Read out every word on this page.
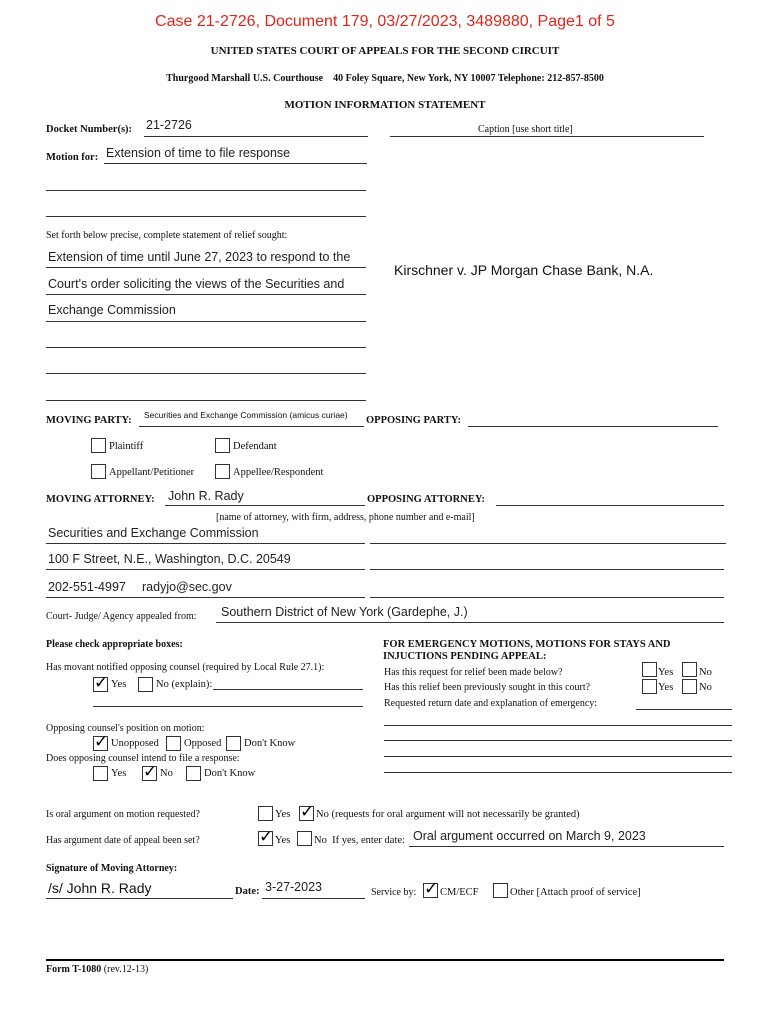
Case 21-2726, Document 179, 03/27/2023, 3489880, Page1 of 5
UNITED STATES COURT OF APPEALS FOR THE SECOND CIRCUIT
Thurgood Marshall U.S. Courthouse    40 Foley Square, New York, NY 10007 Telephone: 212-857-8500
MOTION INFORMATION STATEMENT
Docket Number(s): 21-2726	Caption [use short title]
Kirschner v. JP Morgan Chase Bank, N.A.
Motion for: Extension of time to file response
Set forth below precise, complete statement of relief sought:
Extension of time until June 27, 2023 to respond to the
Court's order soliciting the views of the Securities and
Exchange Commission
MOVING PARTY: Securities and Exchange Commission (amicus curiae) OPPOSING PARTY:
Plaintiff	Defendant
Appellant/Petitioner	Appellee/Respondent
MOVING ATTORNEY: John R. Rady	OPPOSING ATTORNEY:
[name of attorney, with firm, address, phone number and e-mail]
Securities and Exchange Commission
100 F Street, N.E., Washington, D.C. 20549
202-551-4997 radyjo@sec.gov
Court- Judge/ Agency appealed from: Southern District of New York (Gardephe, J.)
Please check appropriate boxes:
Has movant notified opposing counsel (required by Local Rule 27.1):
✓ Yes	No (explain):
Opposing counsel's position on motion:
✓ Unopposed Opposed Don't Know
Does opposing counsel intend to file a response:
Yes ✓ No	Don't Know
FOR EMERGENCY MOTIONS, MOTIONS FOR STAYS AND
INJUCTIONS PENDING APPEAL:
Has this request for relief been made below?	Yes No
Has this relief been previously sought in this court?	Yes No
Requested return date and explanation of emergency:
Is oral argument on motion requested?	Yes ✓ No (requests for oral argument will not necessarily be granted)
Has argument date of appeal been set?	✓ Yes No  If yes, enter date: Oral argument occurred on March 9, 2023
Signature of Moving Attorney:
/s/ John R. Rady	Date: 3-27-2023	Service by: ✓ CM/ECF	Other [Attach proof of service]
Form T-1080 (rev.12-13)
